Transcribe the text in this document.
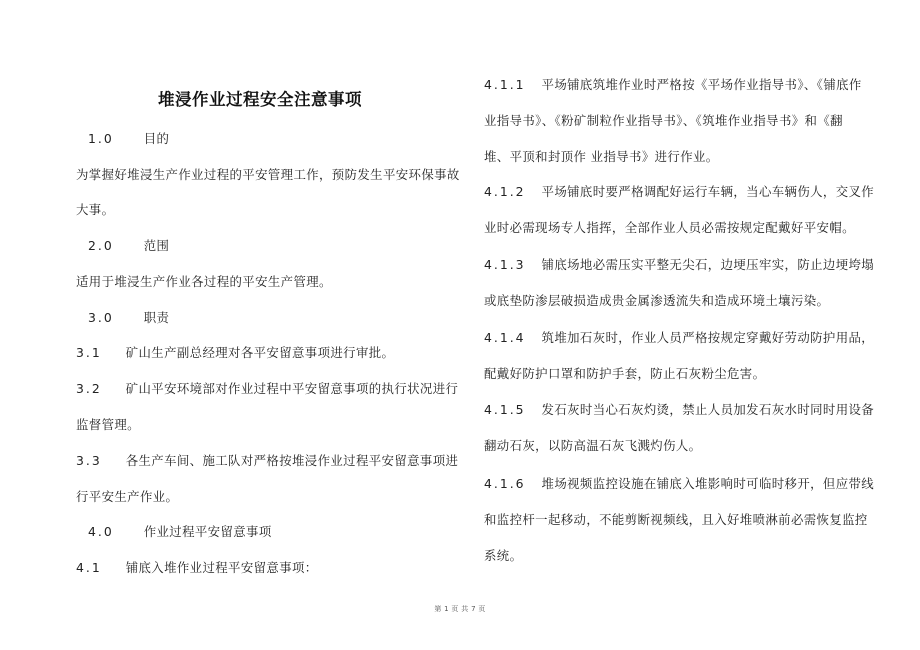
堆浸作业过程安全注意事项
1.0 目的
为掌握好堆浸生产作业过程的平安管理工作，预防发生平安环保事故
大事。
2.0 范围
适用于堆浸生产作业各过程的平安生产管理。
3.0 职责
3.1 矿山生产副总经理对各平安留意事项进行审批。
3.2 矿山平安环境部对作业过程中平安留意事项的执行状况进行
监督管理。
3.3 各生产车间、施工队对严格按堆浸作业过程平安留意事项进
行平安生产作业。
4.0 作业过程平安留意事项
4.1 铺底入堆作业过程平安留意事项：
4.1.1 平场铺底筑堆作业时严格按《平场作业指导书》、《铺底作
业指导书》、《粉矿制粒作业指导书》、《筑堆作业指导书》和《翻
堆、平顶和封顶作 业指导书》进行作业。
4.1.2 平场铺底时要严格调配好运行车辆，当心车辆伤人，交叉作
业时必需现场专人指挥，全部作业人员必需按规定配戴好平安帽。
4.1.3 铺底场地必需压实平整无尖石，边埂压牢实，防止边埂垮塌
或底垫防渗层破损造成贵金属渗透流失和造成环境土壤污染。
4.1.4 筑堆加石灰时，作业人员严格按规定穿戴好劳动防护用品，
配戴好防护口罩和防护手套，防止石灰粉尘危害。
4.1.5 发石灰时当心石灰灼烫，禁止人员加发石灰水时同时用设备
翻动石灰，以防高温石灰飞溅灼伤人。
4.1.6 堆场视频监控设施在铺底入堆影响时可临时移开，但应带线
和监控杆一起移动，不能剪断视频线，且入好堆喷淋前必需恢复监控
系统。
第 1 页 共 7 页
